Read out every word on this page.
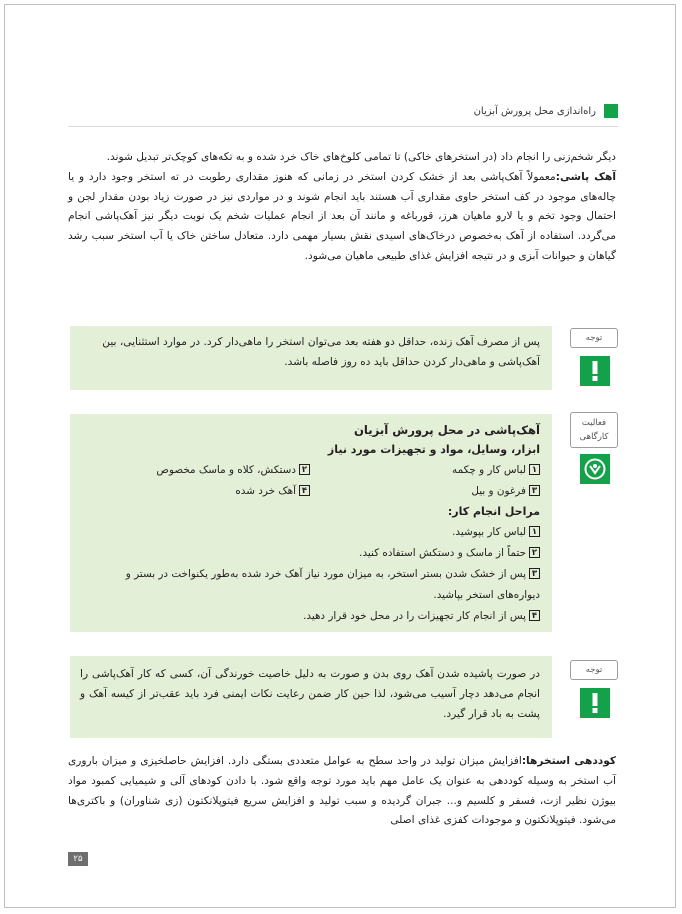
راه‌اندازی محل پرورش آبزیان
دیگر شخم‌زنی را انجام داد (در استخرهای خاکی) تا تمامی کلوخ‌های خاک خرد شده و به تکه‌های کوچک‌تر تبدیل شوند.
آهک‌ پاشی:معمولاً آهک‌پاشی بعد از خشک کردن استخر در زمانی که هنوز مقداری رطوبت در ته استخر وجود دارد و یا چاله‌های موجود در کف استخر حاوی مقداری آب هستند باید انجام شوند و در مواردی نیز در صورت زیاد بودن مقدار لجن و احتمال وجود تخم و یا لارو ماهیان هرز، قورباغه و مانند آن بعد از انجام عملیات شخم یک نوبت دیگر نیز آهک‌پاشی انجام می‌گردد. استفاده از آهک به‌خصوص درخاک‌های اسیدی نقش بسیار مهمی دارد. متعادل ساختن خاک یا آب استخر سبب رشد گیاهان و حیوانات آبزی و در نتیجه افزایش غذای طبیعی ماهیان می‌شود.
توجه
پس از مصرف آهک زنده، حداقل دو هفته بعد می‌توان استخر را ماهی‌دار کرد. در موارد استثنایی، بین آهک‌پاشی و ماهی‌دار کردن حداقل باید ده روز فاصله باشد.
فعالیت کارگاهی
آهک‌پاشی در محل پرورش آبزیان
ابزار، وسایل، مواد و تجهیزات مورد نیاز
۱لباس کار و چکمه
۲دستکش، کلاه و ماسک مخصوص
۳فرغون و بیل
۴آهک خرد شده
مراحل انجام کار:
۱لباس کار بپوشید.
۲حتماً از ماسک و دستکش استفاده کنید.
۳پس از خشک شدن بستر استخر، به میزان مورد نیاز آهک خرد شده به‌طور یکنواخت در بستر و دیواره‌های استخر بپاشید.
۴پس از انجام کار تجهیزات را در محل خود قرار دهید.
توجه
در صورت پاشیده شدن آهک روی بدن و صورت به دلیل خاصیت خورندگی آن، کسی که کار آهک‌پاشی را انجام می‌دهد دچار آسیب می‌شود، لذا حین کار ضمن رعایت نکات ایمنی فرد باید عقب‌تر از کیسه آهک و پشت به باد قرار گیرد.
کوددهی استخرها:افزایش میزان تولید در واحد سطح به عوامل متعددی بستگی دارد. افزایش حاصلخیزی و میزان باروری آب استخر به وسیله کوددهی به عنوان یک عامل مهم باید مورد توجه واقع شود. با دادن کودهای آلی و شیمیایی کمبود مواد بیوژن نظیر ازت، فسفر و کلسیم و... جبران گردیده و سبب تولید و افزایش سریع فیتوپلانکتون (زی شناوران) و باکتری‌ها می‌شود. فیتوپلانکتون و موجودات کفزی غذای اصلی
۲۵
